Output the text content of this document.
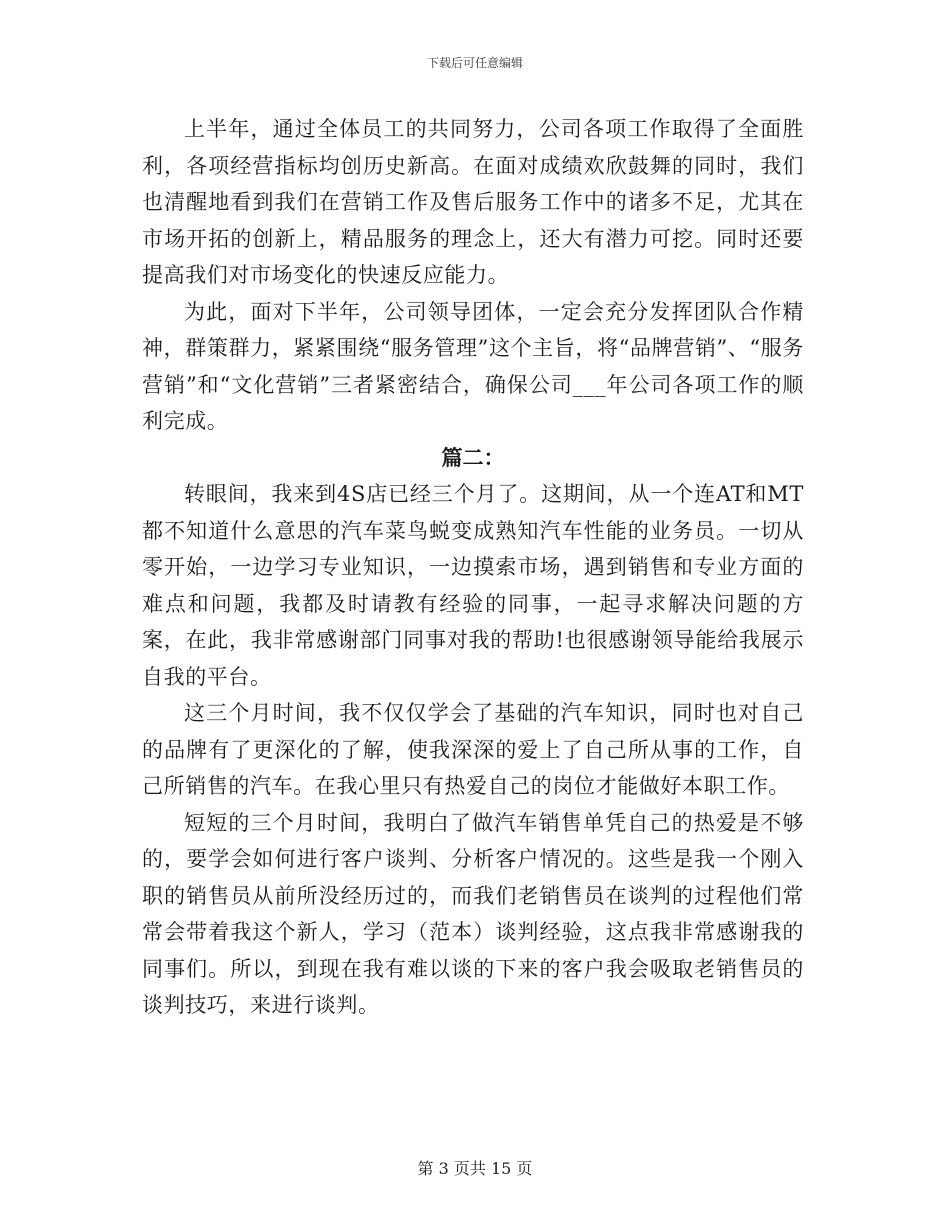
下载后可任意编辑

上半年，通过全体员工的共同努力，公司各项工作取得了全面胜利，各项经营指标均创历史新高。在面对成绩欢欣鼓舞的同时，我们也清醒地看到我们在营销工作及售后服务工作中的诸多不足，尤其在市场开拓的创新上，精品服务的理念上，还大有潜力可挖。同时还要提高我们对市场变化的快速反应能力。

为此，面对下半年，公司领导团体，一定会充分发挥团队合作精神，群策群力，紧紧围绕“服务管理”这个主旨，将“品牌营销”、“服务营销”和“文化营销”三者紧密结合，确保公司___年公司各项工作的顺利完成。

篇二：

转眼间，我来到4S店已经三个月了。这期间，从一个连AT和MT都不知道什么意思的汽车菜鸟蜕变成熟知汽车性能的业务员。一切从零开始，一边学习专业知识，一边摸索市场，遇到销售和专业方面的难点和问题，我都及时请教有经验的同事，一起寻求解决问题的方案，在此，我非常感谢部门同事对我的帮助!也很感谢领导能给我展示自我的平台。

这三个月时间，我不仅仅学会了基础的汽车知识，同时也对自己的品牌有了更深化的了解，使我深深的爱上了自己所从事的工作，自己所销售的汽车。在我心里只有热爱自己的岗位才能做好本职工作。

短短的三个月时间，我明白了做汽车销售单凭自己的热爱是不够的，要学会如何进行客户谈判、分析客户情况的。这些是我一个刚入职的销售员从前所没经历过的，而我们老销售员在谈判的过程他们常常会带着我这个新人，学习（范本）谈判经验，这点我非常感谢我的同事们。所以，到现在我有难以谈的下来的客户我会吸取老销售员的谈判技巧，来进行谈判。

第 3 页共 15 页
